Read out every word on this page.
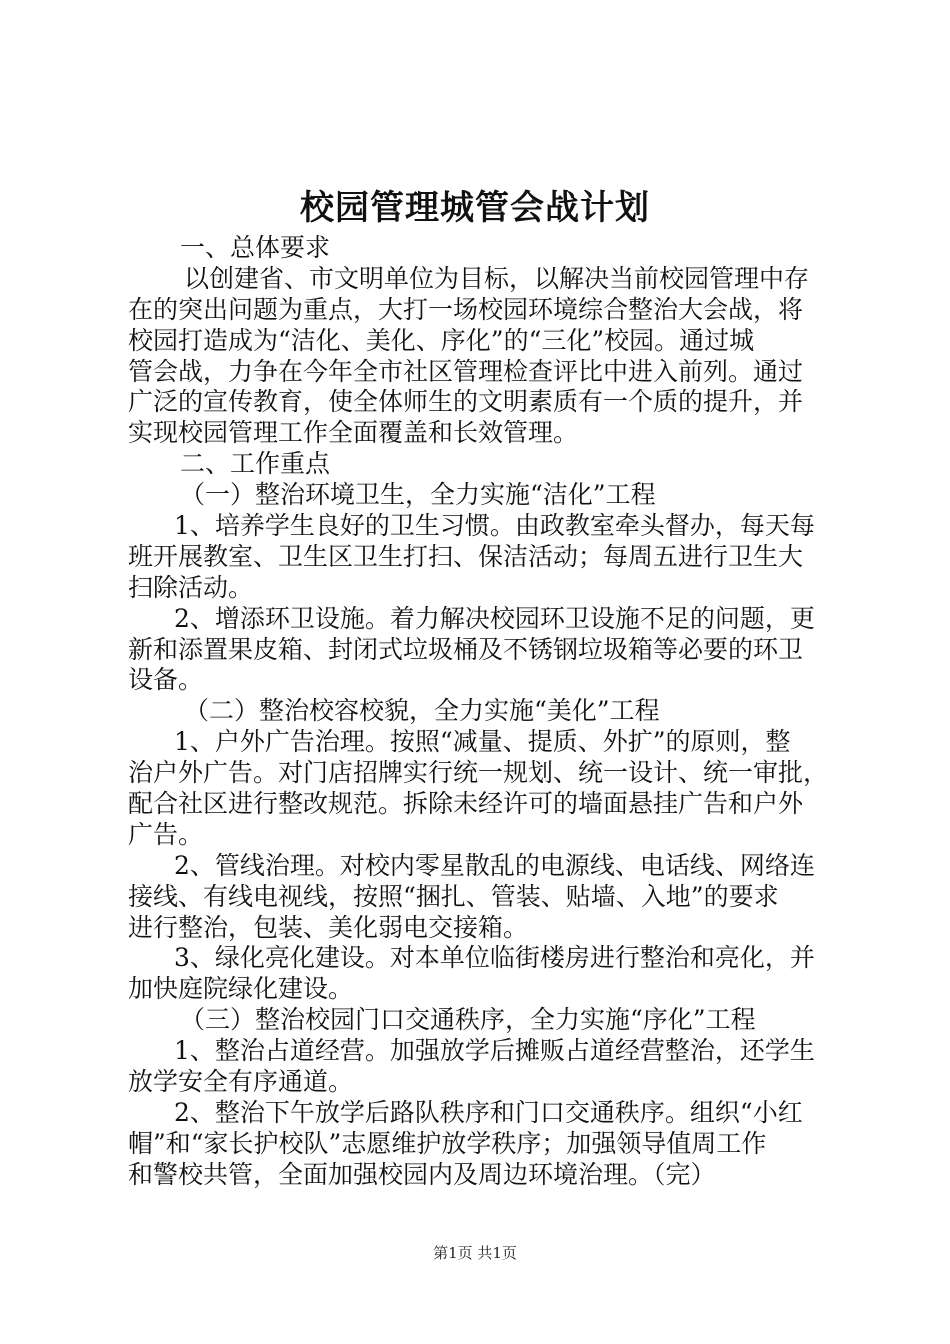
校园管理城管会战计划
一、总体要求
以创建省、市文明单位为目标，以解决当前校园管理中存
在的突出问题为重点，大打一场校园环境综合整治大会战，将
校园打造成为“洁化、美化、序化”的“三化”校园。通过城
管会战，力争在今年全市社区管理检查评比中进入前列。通过
广泛的宣传教育，使全体师生的文明素质有一个质的提升，并
实现校园管理工作全面覆盖和长效管理。
二、工作重点
（一）整治环境卫生，全力实施“洁化”工程
1、培养学生良好的卫生习惯。由政教室牵头督办，每天每
班开展教室、卫生区卫生打扫、保洁活动；每周五进行卫生大
扫除活动。
2、增添环卫设施。着力解决校园环卫设施不足的问题，更
新和添置果皮箱、封闭式垃圾桶及不锈钢垃圾箱等必要的环卫
设备。
（二）整治校容校貌，全力实施“美化”工程
1、户外广告治理。按照“减量、提质、外扩”的原则，整
治户外广告。对门店招牌实行统一规划、统一设计、统一审批，
配合社区进行整改规范。拆除未经许可的墙面悬挂广告和户外
广告。
2、管线治理。对校内零星散乱的电源线、电话线、网络连
接线、有线电视线，按照“捆扎、管装、贴墙、入地”的要求
进行整治，包装、美化弱电交接箱。
3、绿化亮化建设。对本单位临街楼房进行整治和亮化，并
加快庭院绿化建设。
（三）整治校园门口交通秩序，全力实施“序化”工程
1、整治占道经营。加强放学后摊贩占道经营整治，还学生
放学安全有序通道。
2、整治下午放学后路队秩序和门口交通秩序。组织“小红
帽”和“家长护校队”志愿维护放学秩序；加强领导值周工作
和警校共管，全面加强校园内及周边环境治理。（完）
第1页 共1页
